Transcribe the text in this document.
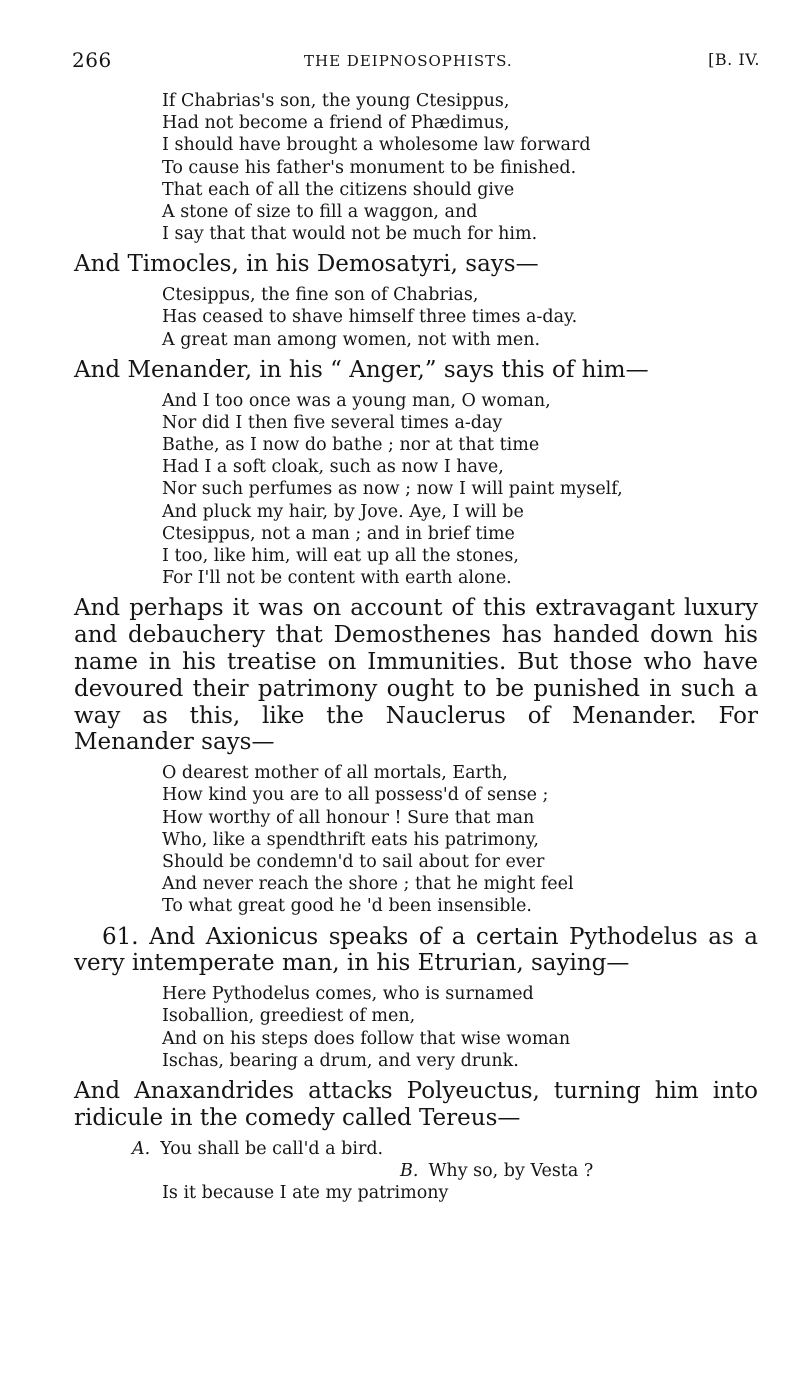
266	THE DEIPNOSOPHISTS.	[B. IV.
If Chabrias's son, the young Ctesippus,
Had not become a friend of Phædimus,
I should have brought a wholesome law forward
To cause his father's monument to be finished.
That each of all the citizens should give
A stone of size to fill a waggon, and
I say that that would not be much for him.

And Timocles, in his Demosatyri, says—

Ctesippus, the fine son of Chabrias,
Has ceased to shave himself three times a-day.
A great man among women, not with men.

And Menander, in his “ Anger,” says this of him—

And I too once was a young man, O woman,
Nor did I then five several times a-day
Bathe, as I now do bathe ; nor at that time
Had I a soft cloak, such as now I have,
Nor such perfumes as now ; now I will paint myself,
And pluck my hair, by Jove. Aye, I will be
Ctesippus, not a man ; and in brief time
I too, like him, will eat up all the stones,
For I'll not be content with earth alone.

And perhaps it was on account of this extravagant luxury and debauchery that Demosthenes has handed down his name in his treatise on Immunities. But those who have devoured their patrimony ought to be punished in such a way as this, like the Nauclerus of Menander. For Menander says—

O dearest mother of all mortals, Earth,
How kind you are to all possess'd of sense ;
How worthy of all honour ! Sure that man
Who, like a spendthrift eats his patrimony,
Should be condemn'd to sail about for ever
And never reach the shore ; that he might feel
To what great good he 'd been insensible.

61. And Axionicus speaks of a certain Pythodelus as a very intemperate man, in his Etrurian, saying—

Here Pythodelus comes, who is surnamed
Isoballion, greediest of men,
And on his steps does follow that wise woman
Ischas, bearing a drum, and very drunk.

And Anaxandrides attacks Polyeuctus, turning him into ridicule in the comedy called Tereus—

A. You shall be call'd a bird.
B. Why so, by Vesta ?
Is it because I ate my patrimony
